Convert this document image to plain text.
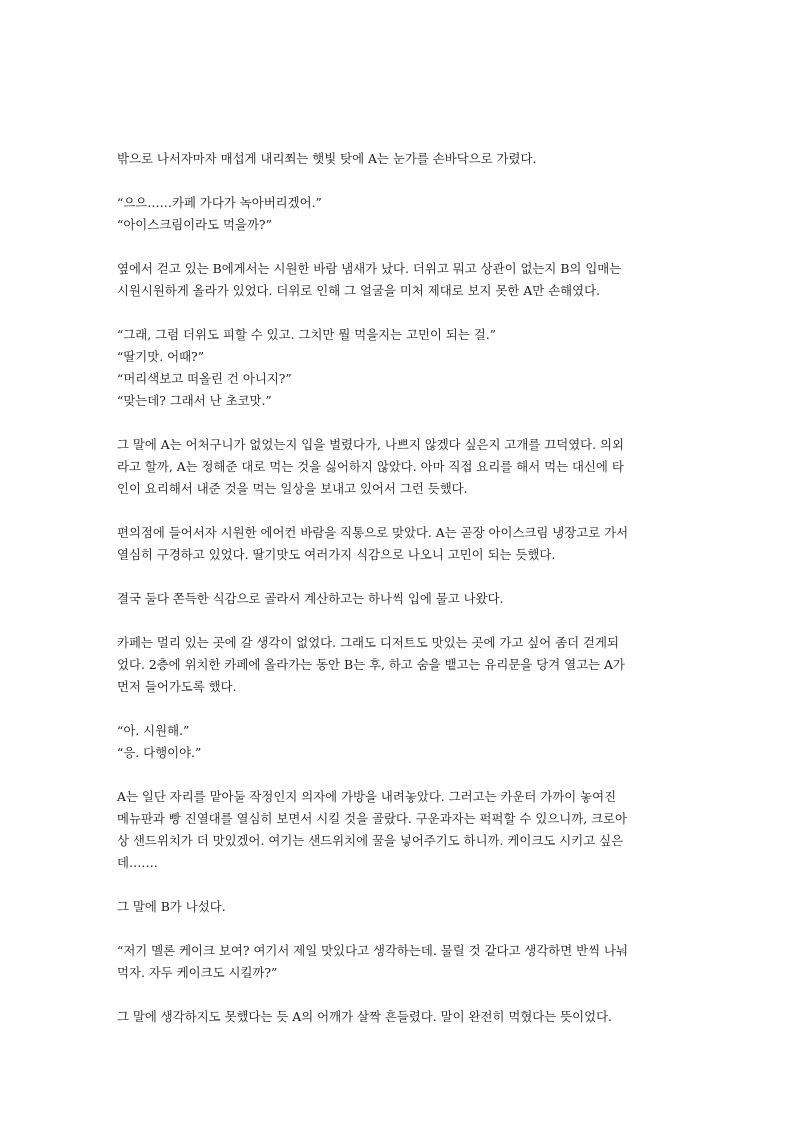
밖으로 나서자마자 매섭게 내리쬐는 햇빛 탓에 A는 눈가를 손바닥으로 가렸다.

“으으……카페 가다가 녹아버리겠어.”
“아이스크림이라도 먹을까?”

옆에서 걷고 있는 B에게서는 시원한 바람 냄새가 났다. 더위고 뭐고 상관이 없는지 B의 입매는
시원시원하게 올라가 있었다. 더위로 인해 그 얼굴을 미처 제대로 보지 못한 A만 손해였다.

“그래, 그럼 더위도 피할 수 있고. 그치만 뭘 먹을지는 고민이 되는 걸.”
“딸기맛. 어때?”
“머리색보고 떠올린 건 아니지?”
“맞는데? 그래서 난 초코맛.”

그 말에 A는 어처구니가 없었는지 입을 벌렸다가, 나쁘지 않겠다 싶은지 고개를 끄덕였다. 의외
라고 할까, A는 정해준 대로 먹는 것을 싫어하지 않았다. 아마 직접 요리를 해서 먹는 대신에 타
인이 요리해서 내준 것을 먹는 일상을 보내고 있어서 그런 듯했다.

편의점에 들어서자 시원한 에어컨 바람을 직통으로 맞았다. A는 곧장 아이스크림 냉장고로 가서
열심히 구경하고 있었다. 딸기맛도 여러가지 식감으로 나오니 고민이 되는 듯했다.

결국 둘다 쫀득한 식감으로 골라서 계산하고는 하나씩 입에 물고 나왔다.

카페는 멀리 있는 곳에 갈 생각이 없었다. 그래도 디저트도 맛있는 곳에 가고 싶어 좀더 걷게되
었다. 2층에 위치한 카페에 올라가는 동안 B는 후, 하고 숨을 뱉고는 유리문을 당겨 열고는 A가
먼저 들어가도록 했다.

“아. 시원해.”
“응. 다행이야.”

A는 일단 자리를 맡아둘 작정인지 의자에 가방을 내려놓았다. 그러고는 카운터 가까이 놓여진
메뉴판과 빵 진열대를 열심히 보면서 시킬 것을 골랐다. 구운과자는 퍽퍽할 수 있으니까, 크로아
상 샌드위치가 더 맛있겠어. 여기는 샌드위치에 꿀을 넣어주기도 하니까. 케이크도 시키고 싶은
데…….

그 말에 B가 나섰다.

“저기 멜론 케이크 보여? 여기서 제일 맛있다고 생각하는데. 물릴 것 같다고 생각하면 반씩 나눠
먹자. 자두 케이크도 시킬까?”

그 말에 생각하지도 못했다는 듯 A의 어깨가 살짝 흔들렸다. 말이 완전히 먹혔다는 뜻이었다.
